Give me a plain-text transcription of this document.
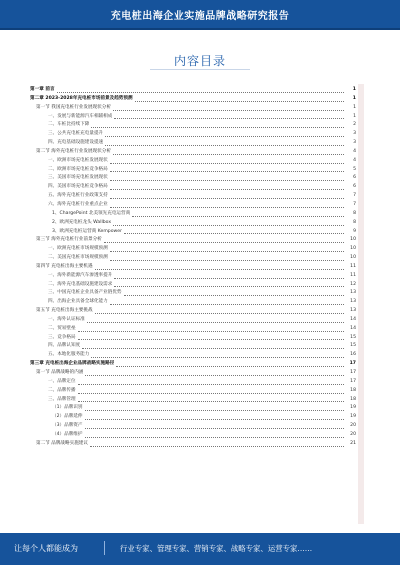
充电桩出海企业实施品牌战略研究报告
内容目录
第一章 前言	1
第二章 2023-2028年充电桩市场前景及趋势预测	1
第一节 我国充电桩行业发展现状分析	1
一、发展与新能源汽车相辅相成	1
二、车桩比持续下降	2
三、公共充电桩充电量提升	3
四、充电基础设施建设提速	3
第二节 海外充电桩行业发展现状分析	4
一、欧洲市场充电桩发展现状	4
二、欧洲市场充电桩竞争格局	5
三、美国市场充电桩发展现状	6
四、美国市场充电桩竞争格局	6
五、海外充电桩行业政策支持	7
六、海外充电桩行业重点企业	7
1、ChargePoint 北美领先充电运营商	8
2、欧洲充电桩龙头 Wallbox	8
3、欧洲充电桩运营商 Kempower	9
第三节 海外充电桩行业前景分析	10
一、欧洲充电桩市场规模预测	10
二、美国充电桩市场规模预测	10
第四节 充电桩出海主要机遇	11
一、海外新能源汽车渗透率提升	11
二、海外充电基础设施建设需求	12
三、中国充电桩企业具备产业链优势	13
四、出海企业具备全球化能力	13
第五节 充电桩出海主要挑战	13
一、海外认证标准	14
二、贸易壁垒	14
三、竞争格局	15
四、品牌认知度	15
五、本地化服务能力	16
第三章 充电桩出海企业品牌战略实施路径	17
第一节 品牌战略的内涵	17
一、品牌定位	17
二、品牌传播	18
三、品牌管理	18
（1）品牌识别	19
（2）品牌延伸	19
（3）品牌资产	20
（4）品牌维护	20
第二节 品牌战略实施建议	21
让每个人都能成为	行业专家、管理专家、营销专家、战略专家、运营专家……
